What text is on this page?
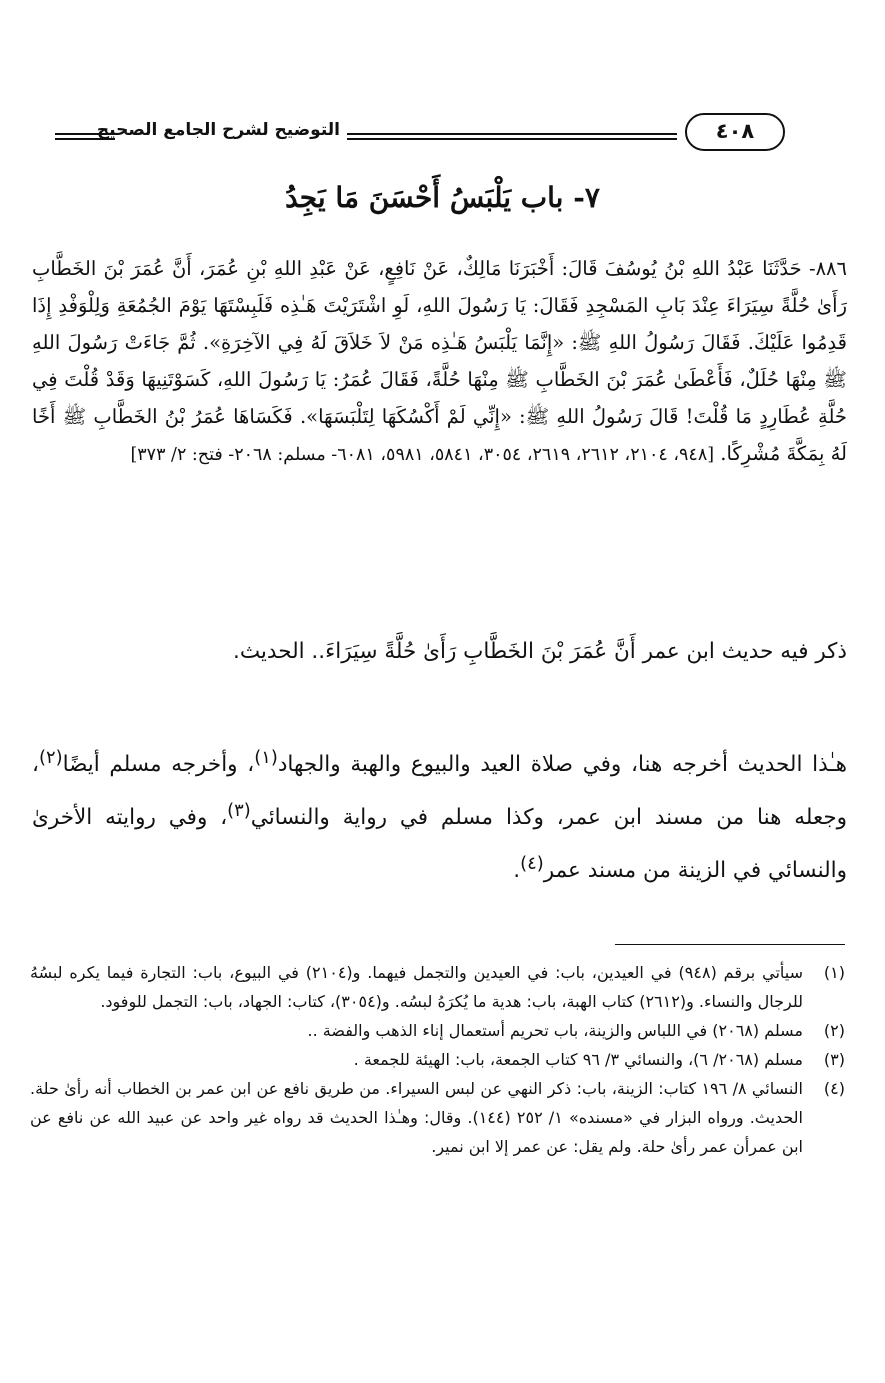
٤٠٨
التوضيح لشرح الجامع الصحيح
٧- باب يَلْبَسُ أَحْسَنَ مَا يَجِدُ
٨٨٦- حَدَّثَنَا عَبْدُ اللهِ بْنُ يُوسُفَ قَالَ: أَخْبَرَنَا مَالِكٌ، عَنْ نَافِعٍ، عَنْ عَبْدِ اللهِ بْنِ عُمَرَ، أَنَّ عُمَرَ بْنَ الخَطَّابِ رَأَىٰ حُلَّةً سِيَرَاءَ عِنْدَ بَابِ المَسْجِدِ فَقَالَ: يَا رَسُولَ اللهِ، لَوِ اشْتَرَيْتَ هَـٰذِه فَلَبِسْتَهَا يَوْمَ الجُمُعَةِ وَلِلْوَفْدِ إِذَا قَدِمُوا عَلَيْكَ. فَقَالَ رَسُولُ اللهِ ﷺ: «إِنَّمَا يَلْبَسُ هَـٰذِه مَنْ لاَ خَلاَقَ لَهُ فِي الآخِرَةِ». ثُمَّ جَاءَتْ رَسُولَ اللهِ ﷺ مِنْهَا حُلَلٌ، فَأَعْطَىٰ عُمَرَ بْنَ الخَطَّابِ ﷺ مِنْهَا حُلَّةً، فَقَالَ عُمَرُ: يَا رَسُولَ اللهِ، كَسَوْتَنِيهَا وَقَدْ قُلْتَ فِي حُلَّةِ عُطَارِدٍ مَا قُلْتَ! قَالَ رَسُولُ اللهِ ﷺ: «إِنِّي لَمْ أَكْسُكَهَا لِتَلْبَسَهَا». فَكَسَاهَا عُمَرُ بْنُ الخَطَّابِ ﷺ أَخًا لَهُ بِمَكَّةَ مُشْرِكًا. [٩٤٨، ٢١٠٤، ٢٦١٢، ٢٦١٩، ٣٠٥٤، ٥٨٤١، ٥٩٨١، ٦٠٨١- مسلم: ٢٠٦٨- فتح: ٢/ ٣٧٣]
ذكر فيه حديث ابن عمر أَنَّ عُمَرَ بْنَ الخَطَّابِ رَأَىٰ حُلَّةً سِيَرَاءَ.. الحديث.
هـٰذا الحديث أخرجه هنا، وفي صلاة العيد والبيوع والهبة والجهاد$^{(١)}$، وأخرجه مسلم أيضًا$^{(٢)}$، وجعله هنا من مسند ابن عمر، وكذا مسلم في رواية والنسائي$^{(٣)}$، وفي روايته الأخرىٰ والنسائي في الزينة من مسند عمر$^{(٤)}$.
(١)
سيأتي برقم (٩٤٨) في العيدين، باب: في العيدين والتجمل فيهما. و(٢١٠٤) في البيوع، باب: التجارة فيما يكره لبسُهُ للرجال والنساء. و(٢٦١٢) كتاب الهبة، باب: هدية ما يُكرَهُ لبسُه. و(٣٠٥٤)، كتاب: الجهاد، باب: التجمل للوفود.
(٢)
مسلم (٢٠٦٨) في اللباس والزينة، باب تحريم أستعمال إناء الذهب والفضة ..
(٣)
مسلم (٢٠٦٨/ ٦)، والنسائي ٣/ ٩٦ كتاب الجمعة، باب: الهيئة للجمعة .
(٤)
النسائي ٨/ ١٩٦ كتاب: الزينة، باب: ذكر النهي عن لبس السيراء. من طريق نافع عن ابن عمر بن الخطاب أنه رأىٰ حلة. الحديث. ورواه البزار في «مسنده» ١/ ٢٥٢ (١٤٤). وقال: وهـٰذا الحديث قد رواه غير واحد عن عبيد الله عن نافع عن ابن عمرأن عمر رأىٰ حلة. ولم يقل: عن عمر إلا ابن نمير.
